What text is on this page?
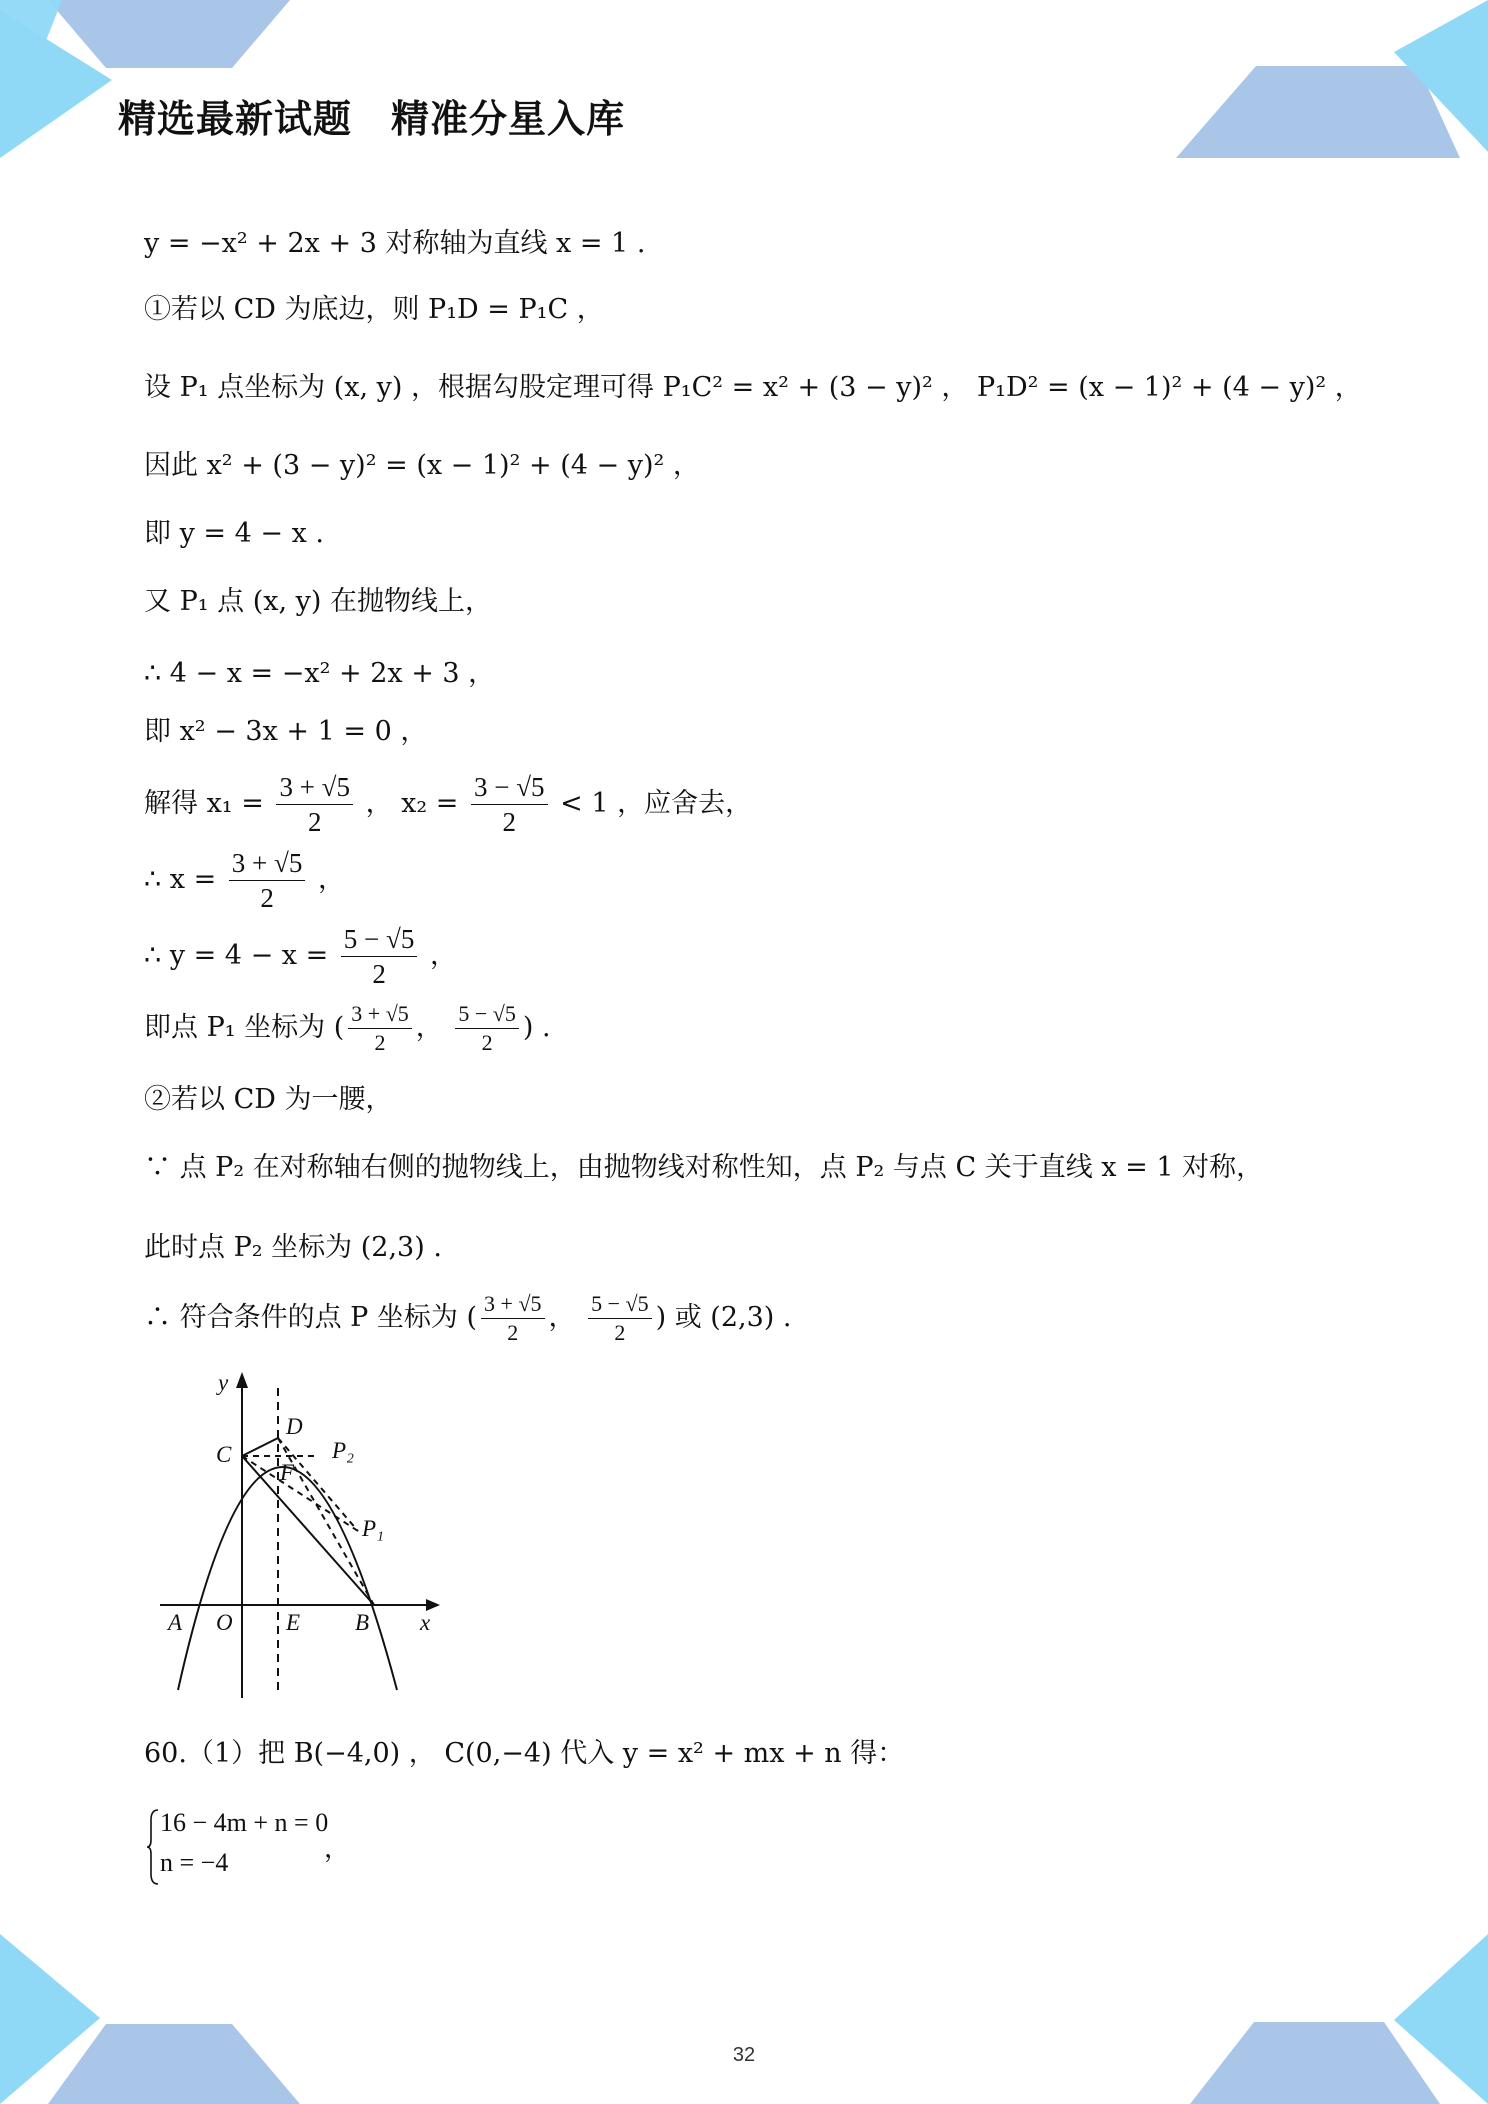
精选最新试题　精准分星入库
y = −x² + 2x + 3 对称轴为直线 x = 1 .
①若以 CD 为底边，则 P₁D = P₁C ，
设 P₁ 点坐标为 (x, y) ，根据勾股定理可得 P₁C² = x² + (3 − y)² ， P₁D² = (x − 1)² + (4 − y)² ，
因此 x² + (3 − y)² = (x − 1)² + (4 − y)² ，
即 y = 4 − x .
又 P₁ 点 (x, y) 在抛物线上，
∴ 4 − x = −x² + 2x + 3 ，
即 x² − 3x + 1 = 0 ，
解得 $x_1 = \frac{3 + √5}{2}$ ， $x_2 = \frac{3 - √5}{2} < 1$ ，应舍去，
∴ $x = \frac{3 + √5}{2}$ ，
∴ $y = 4 - x = \frac{5 - √5}{2}$ ，
即点 P₁ 坐标为 ( $\frac{3 + √5}{2}$ ， $\frac{5 - √5}{2}$ ) .
②若以 CD 为一腰，
∵ 点 P₂ 在对称轴右侧的抛物线上，由抛物线对称性知，点 P₂ 与点 C 关于直线 x = 1 对称，
此时点 P₂ 坐标为 (2,3) .
∴ 符合条件的点 P 坐标为 ( $\frac{3 + √5}{2}$ ， $\frac{5 - √5}{2}$ ) 或 (2,3) .
y
x
D
C	P₂
F
P₁
A O E B
60.（1）把 B(−4,0) ， C(0,−4) 代入 y = x² + mx + n 得：
16 − 4m + n = 0
n = −4	，
32
